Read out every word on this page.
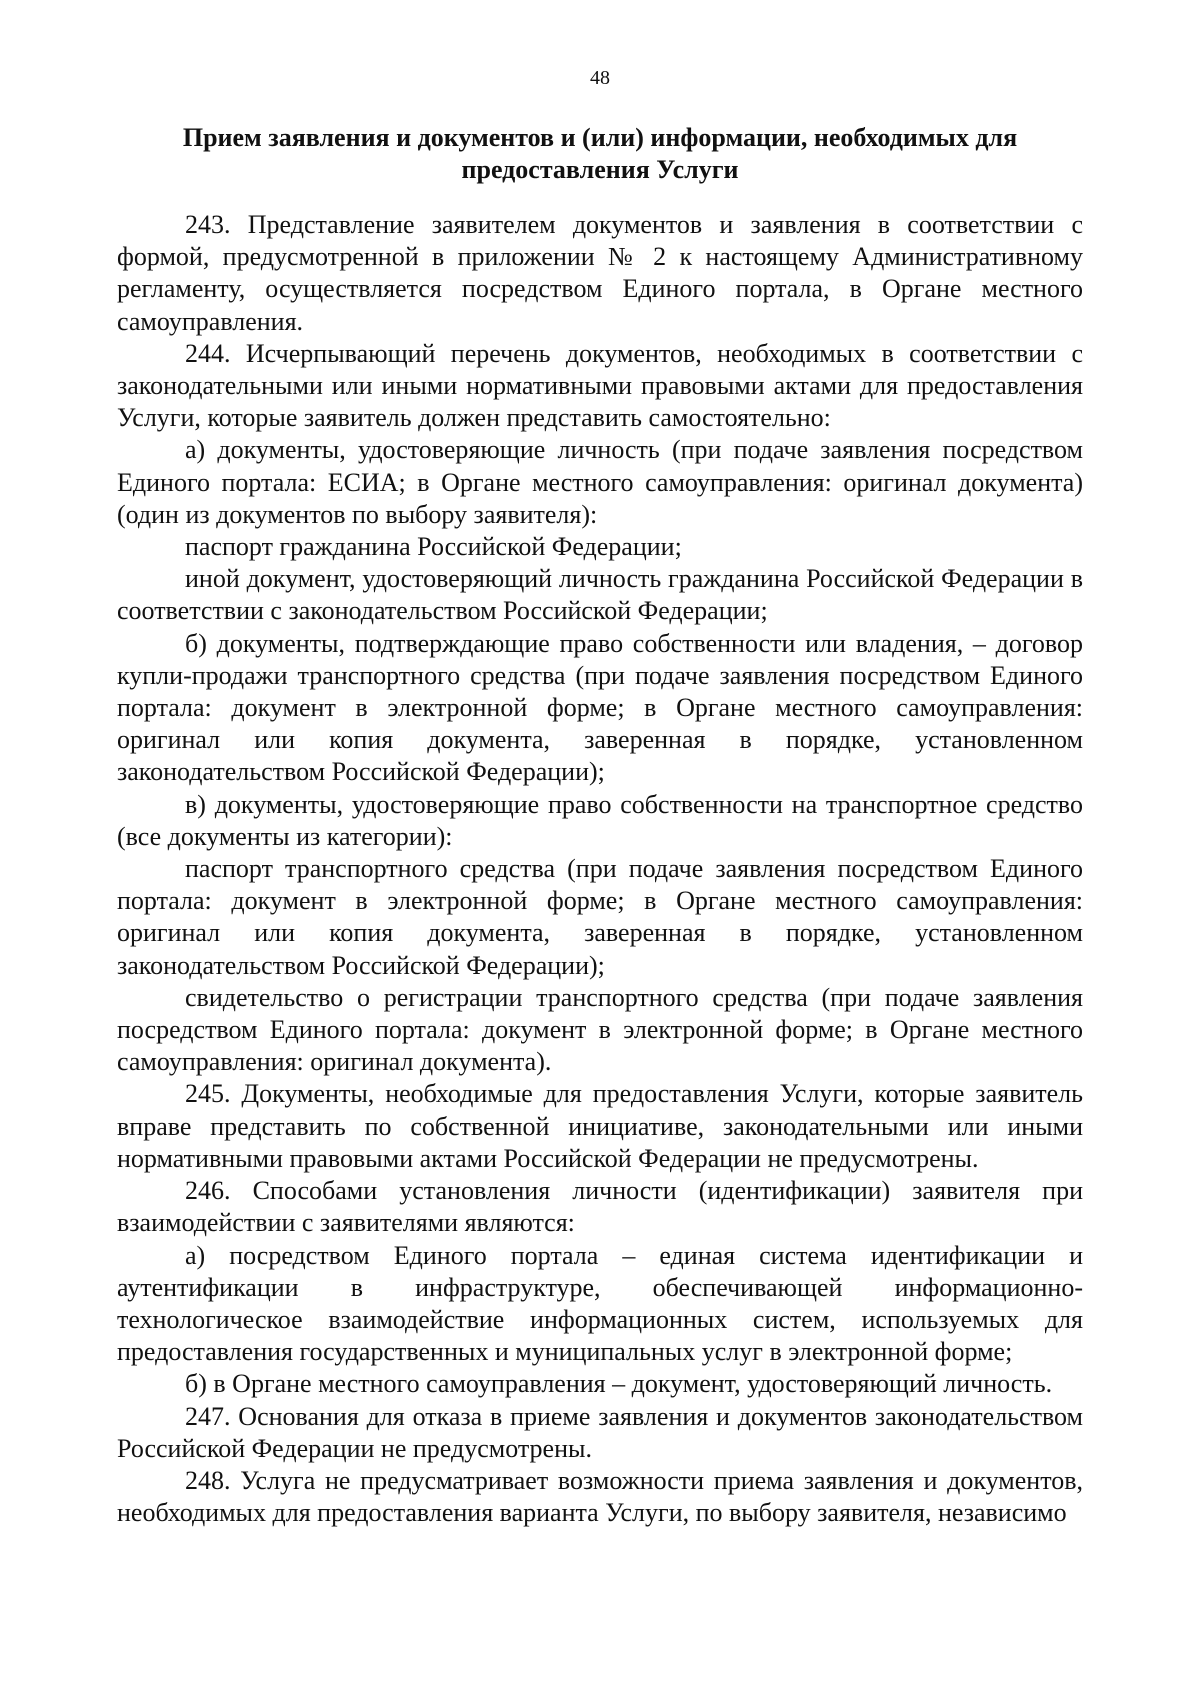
48
Прием заявления и документов и (или) информации, необходимых для
предоставления Услуги

243. Представление заявителем документов и заявления в соответствии с формой, предусмотренной в приложении № 2 к настоящему Административному регламенту, осуществляется посредством Единого портала, в Органе местного самоуправления.

244. Исчерпывающий перечень документов, необходимых в соответствии с законодательными или иными нормативными правовыми актами для предоставления Услуги, которые заявитель должен представить самостоятельно:

а) документы, удостоверяющие личность (при подаче заявления посредством Единого портала: ЕСИА; в Органе местного самоуправления: оригинал документа) (один из документов по выбору заявителя):

паспорт гражданина Российской Федерации;

иной документ, удостоверяющий личность гражданина Российской Федерации в соответствии с законодательством Российской Федерации;

б) документы, подтверждающие право собственности или владения, – договор купли-продажи транспортного средства (при подаче заявления посредством Единого портала: документ в электронной форме; в Органе местного самоуправления: оригинал или копия документа, заверенная в порядке, установленном законодательством Российской Федерации);

в) документы, удостоверяющие право собственности на транспортное средство (все документы из категории):

паспорт транспортного средства (при подаче заявления посредством Единого портала: документ в электронной форме; в Органе местного самоуправления: оригинал или копия документа, заверенная в порядке, установленном законодательством Российской Федерации);

свидетельство о регистрации транспортного средства (при подаче заявления посредством Единого портала: документ в электронной форме; в Органе местного самоуправления: оригинал документа).

245. Документы, необходимые для предоставления Услуги, которые заявитель вправе представить по собственной инициативе, законодательными или иными нормативными правовыми актами Российской Федерации не предусмотрены.

246. Способами установления личности (идентификации) заявителя при взаимодействии с заявителями являются:

а) посредством Единого портала – единая система идентификации и аутентификации в инфраструктуре, обеспечивающей информационно-технологическое взаимодействие информационных систем, используемых для предоставления государственных и муниципальных услуг в электронной форме;

б) в Органе местного самоуправления – документ, удостоверяющий личность.

247. Основания для отказа в приеме заявления и документов законодательством Российской Федерации не предусмотрены.

248. Услуга не предусматривает возможности приема заявления и документов, необходимых для предоставления варианта Услуги, по выбору заявителя, независимо
